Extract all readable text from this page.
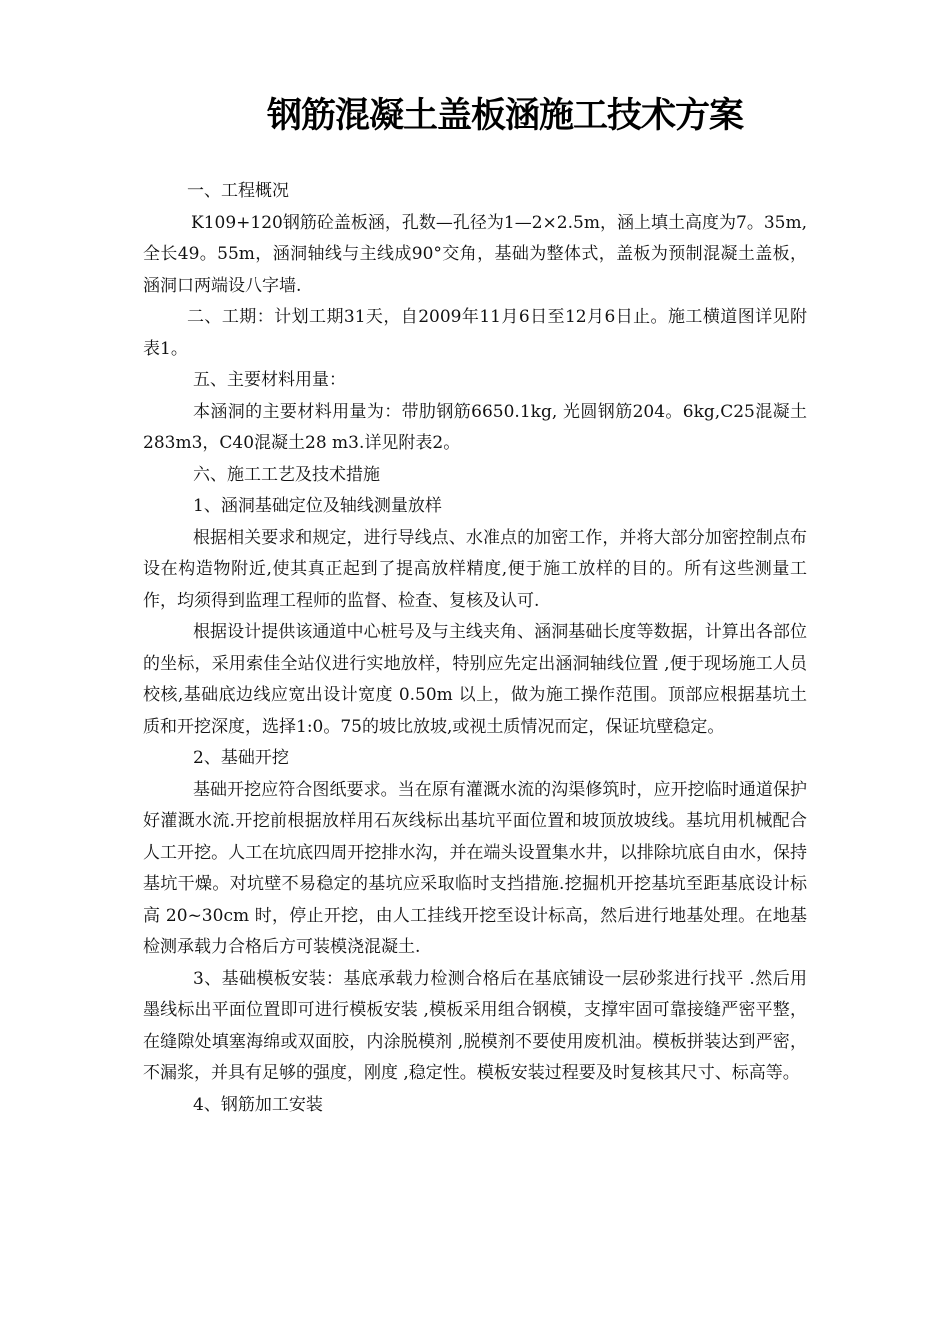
钢筋混凝土盖板涵施工技术方案

一、工程概况

K109+120钢筋砼盖板涵，孔数—孔径为1—2×2.5m，涵上填土高度为7。35m,全长49。55m，涵洞轴线与主线成90°交角，基础为整体式，盖板为预制混凝土盖板，涵洞口两端设八字墙.

二、工期：计划工期31天，自2009年11月6日至12月6日止。施工横道图详见附表1。

五、主要材料用量：

本涵洞的主要材料用量为：带肋钢筋6650.1kg, 光圆钢筋204。6kg,C25混凝土283m3，C40混凝土28 m3.详见附表2。

六、施工工艺及技术措施

1、涵洞基础定位及轴线测量放样

根据相关要求和规定，进行导线点、水准点的加密工作，并将大部分加密控制点布设在构造物附近,使其真正起到了提高放样精度,便于施工放样的目的。所有这些测量工作，均须得到监理工程师的监督、检查、复核及认可.

根据设计提供该通道中心桩号及与主线夹角、涵洞基础长度等数据，计算出各部位的坐标，采用索佳全站仪进行实地放样，特别应先定出涵洞轴线位置 ,便于现场施工人员校核,基础底边线应宽出设计宽度 0.50m 以上，做为施工操作范围。顶部应根据基坑土质和开挖深度，选择1:0。75的坡比放坡,或视土质情况而定，保证坑壁稳定。

2、基础开挖

基础开挖应符合图纸要求。当在原有灌溉水流的沟渠修筑时，应开挖临时通道保护好灌溉水流.开挖前根据放样用石灰线标出基坑平面位置和坡顶放坡线。基坑用机械配合人工开挖。人工在坑底四周开挖排水沟，并在端头设置集水井，以排除坑底自由水，保持基坑干燥。对坑壁不易稳定的基坑应采取临时支挡措施.挖掘机开挖基坑至距基底设计标高 20~30cm 时，停止开挖，由人工挂线开挖至设计标高，然后进行地基处理。在地基检测承载力合格后方可装模浇混凝土.

3、基础模板安装：基底承载力检测合格后在基底铺设一层砂浆进行找平 .然后用墨线标出平面位置即可进行模板安装 ,模板采用组合钢模，支撑牢固可靠接缝严密平整，在缝隙处填塞海绵或双面胶，内涂脱模剂 ,脱模剂不要使用废机油。模板拼装达到严密，不漏浆，并具有足够的强度，刚度 ,稳定性。模板安装过程要及时复核其尺寸、标高等。

4、钢筋加工安装
